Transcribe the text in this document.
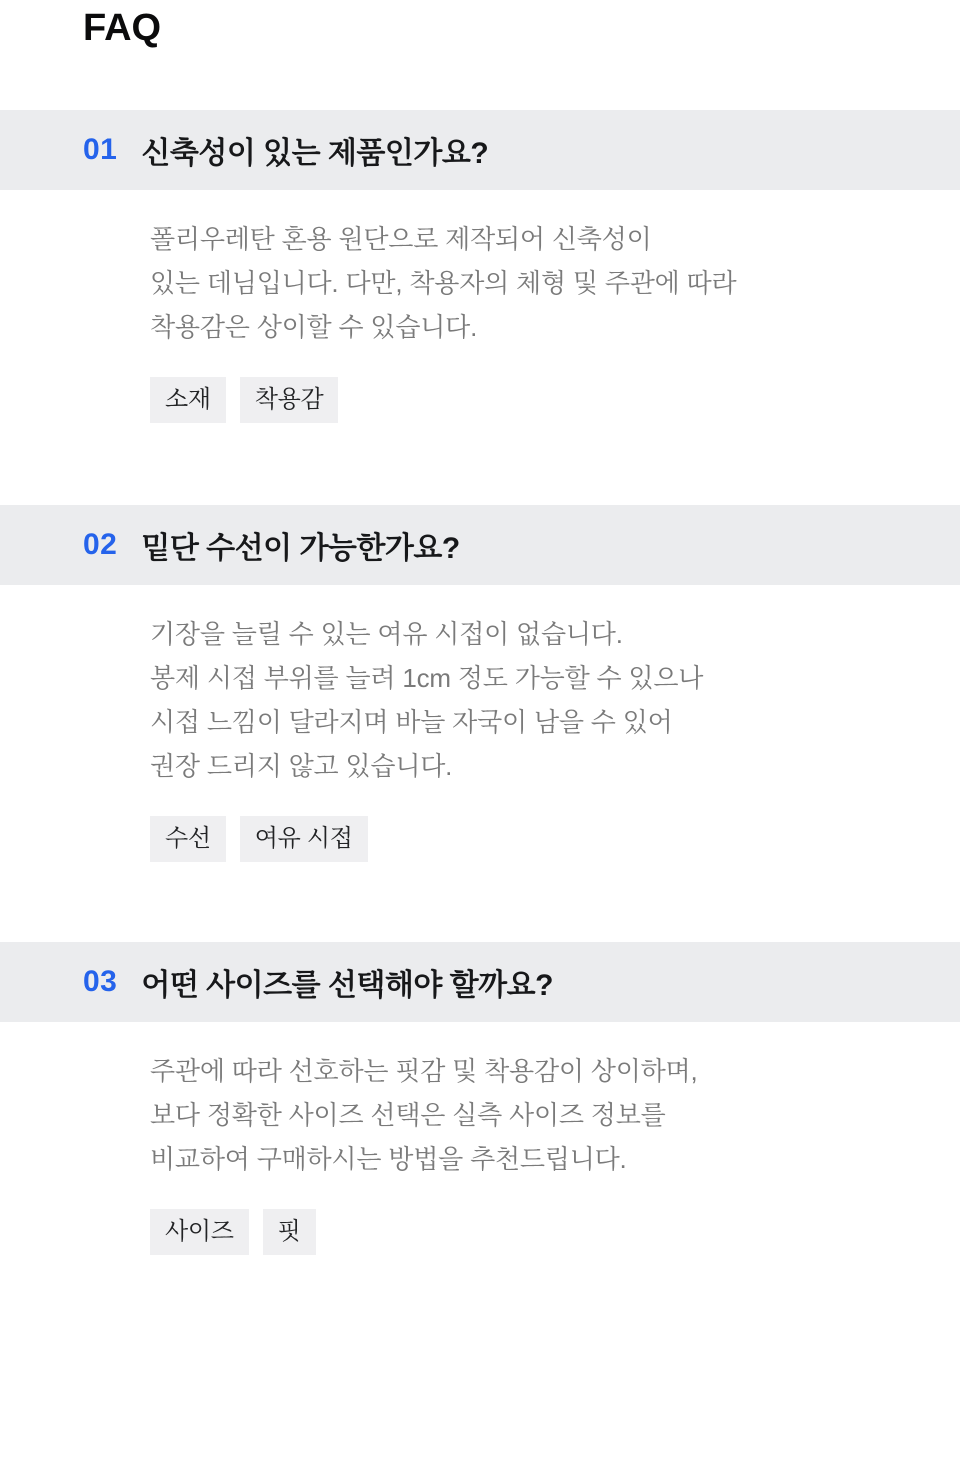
FAQ
01 신축성이 있는 제품인가요?

폴리우레탄 혼용 원단으로 제작되어 신축성이

있는 데님입니다. 다만, 착용자의 체형 및 주관에 따라

착용감은 상이할 수 있습니다.

소재	착용감
02 밑단 수선이 가능한가요?

기장을 늘릴 수 있는 여유 시접이 없습니다.

봉제 시접 부위를 늘려 1cm 정도 가능할 수 있으나

시접 느낌이 달라지며 바늘 자국이 남을 수 있어

권장 드리지 않고 있습니다.

수선	여유 시접
03 어떤 사이즈를 선택해야 할까요?

주관에 따라 선호하는 핏감 및 착용감이 상이하며,

보다 정확한 사이즈 선택은 실측 사이즈 정보를

비교하여 구매하시는 방법을 추천드립니다.

사이즈	핏
